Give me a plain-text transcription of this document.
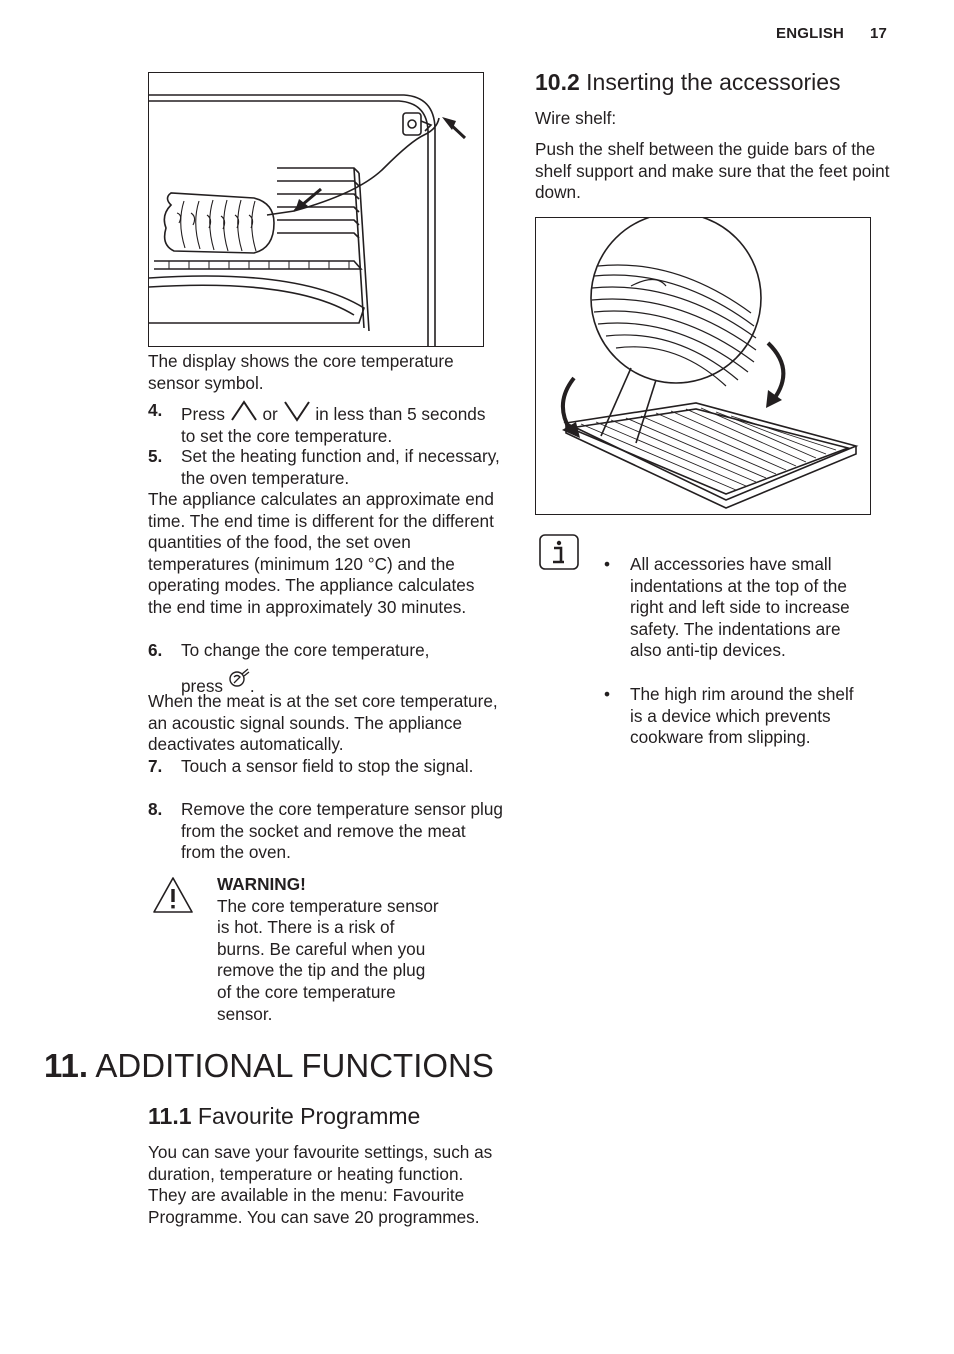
ENGLISH 17

The display shows the core temperature sensor symbol.

4. Press or in less than 5 seconds to set the core temperature.
5. Set the heating function and, if necessary, the oven temperature.

The appliance calculates an approximate end time. The end time is different for the different quantities of the food, the set oven temperatures (minimum 120 °C) and the operating modes. The appliance calculates the end time in approximately 30 minutes.

6. To change the core temperature,
press .

When the meat is at the set core temperature, an acoustic signal sounds. The appliance deactivates automatically.

7. Touch a sensor field to stop the signal.
8. Remove the core temperature sensor plug from the socket and remove the meat from the oven.
WARNING!
The core temperature sensor
is hot. There is a risk of
burns. Be careful when you
remove the tip and the plug
of the core temperature
sensor.
11. ADDITIONAL FUNCTIONS
11.1 Favourite Programme

You can save your favourite settings, such as duration, temperature or heating function. They are available in the menu: Favourite Programme. You can save 20 programmes.

10.2 Inserting the accessories

Wire shelf:

Push the shelf between the guide bars of the shelf support and make sure that the feet point down.

• All accessories have small indentations at the top of the right and left side to increase safety. The indentations are also anti-tip devices.
• The high rim around the shelf is a device which prevents cookware from slipping.
